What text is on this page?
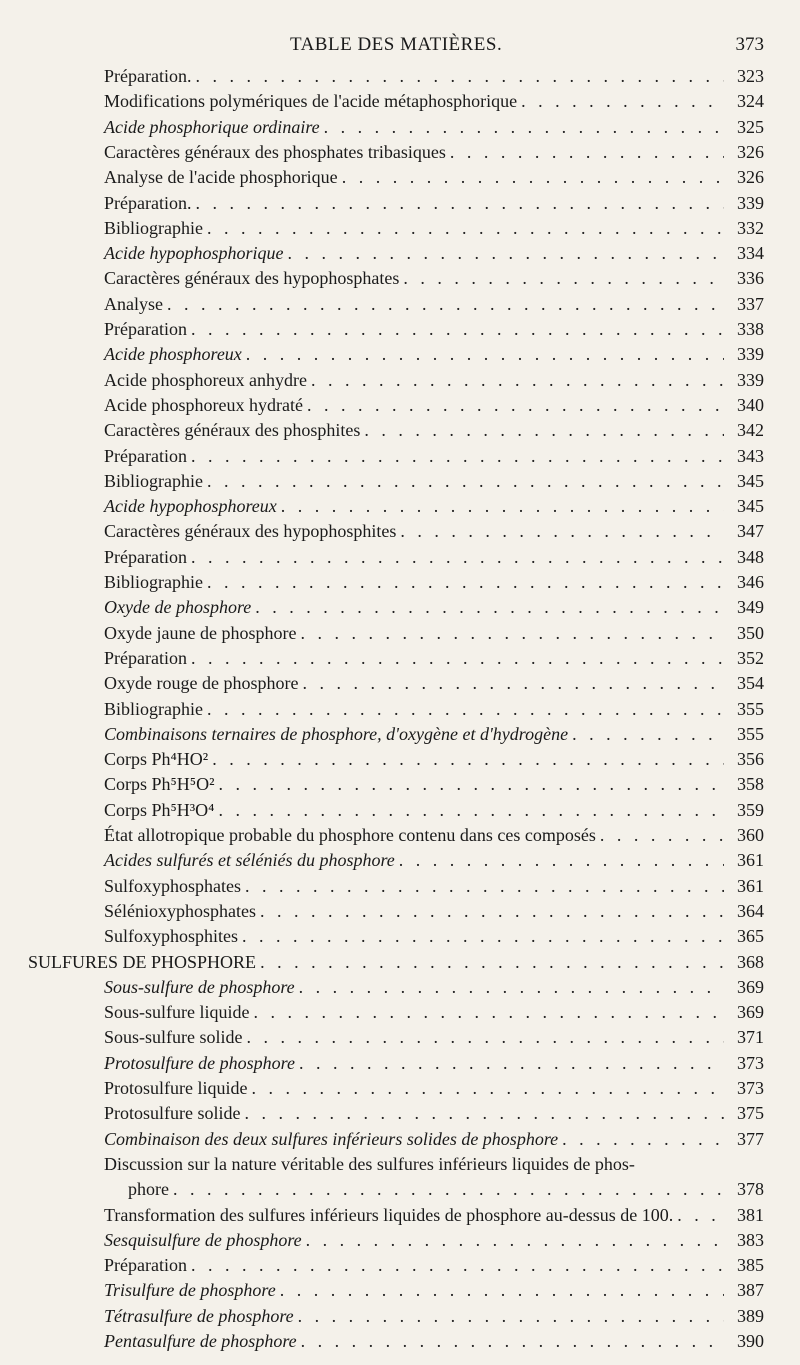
TABLE DES MATIÈRES.	373
Préparation. . . .	323
Modifications polymériques de l'acide métaphosphorique . . .	324
Acide phosphorique ordinaire . . .	325
Caractères généraux des phosphates tribasiques . . .	326
Analyse de l'acide phosphorique . . .	326
Préparation. . . .	339
Bibliographie . . .	332
Acide hypophosphorique . . .	334
Caractères généraux des hypophosphates . . .	336
Analyse . . .	337
Préparation . . .	338
Acide phosphoreux . . .	339
Acide phosphoreux anhydre . . .	339
Acide phosphoreux hydraté . . .	340
Caractères généraux des phosphites . . .	342
Préparation . . .	343
Bibliographie . . .	345
Acide hypophosphoreux . . .	345
Caractères généraux des hypophosphites . . .	347
Préparation . . .	348
Bibliographie . . .	346
Oxyde de phosphore . . .	349
Oxyde jaune de phosphore . . .	350
Préparation . . .	352
Oxyde rouge de phosphore . . .	354
Bibliographie . . .	355
Combinaisons ternaires de phosphore, d'oxygène et d'hydrogène . . .	355
Corps Ph⁴HO² . . .	356
Corps Ph⁵H⁵O² . . .	358
Corps Ph⁵H³O⁴ . . .	359
État allotropique probable du phosphore contenu dans ces composés . . .	360
Acides sulfurés et séléniés du phosphore . . .	361
Sulfoxyphosphates . . .	361
Sélénioxyphosphates . . .	364
Sulfoxyphosphites . . .	365
SULFURES DE PHOSPHORE . . .	368
Sous-sulfure de phosphore . . .	369
Sous-sulfure liquide . . .	369
Sous-sulfure solide . . .	371
Protosulfure de phosphore . . .	373
Protosulfure liquide . . .	373
Protosulfure solide . . .	375
Combinaison des deux sulfures inférieurs solides de phosphore . . .	377
Discussion sur la nature véritable des sulfures inférieurs liquides de phos-
phore . . .	378
Transformation des sulfures inférieurs liquides de phosphore au-dessus de 100. . . .	381
Sesquisulfure de phosphore . . .	383
Préparation . . .	385
Trisulfure de phosphore . . .	387
Tétrasulfure de phosphore . . .	389
Pentasulfure de phosphore . . .	390
